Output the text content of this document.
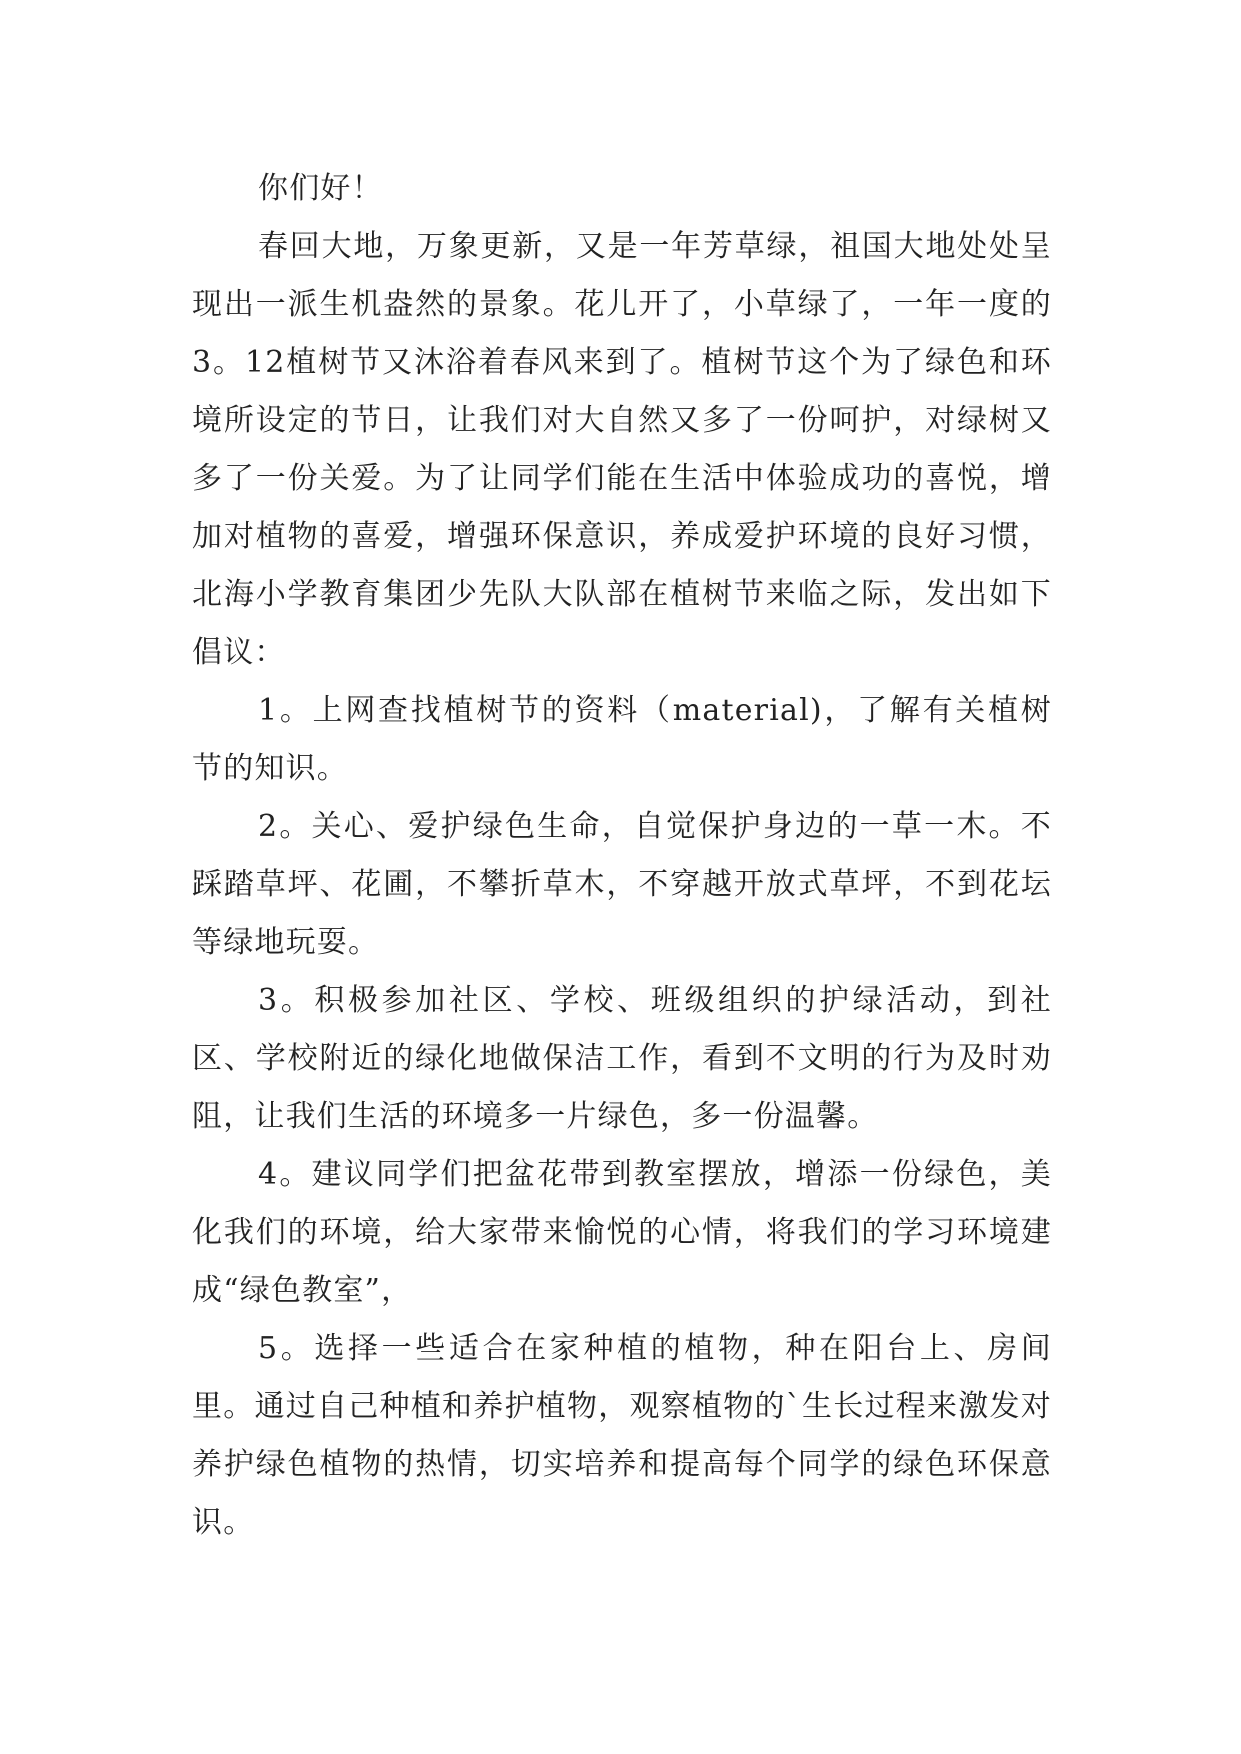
你们好！

春回大地，万象更新，又是一年芳草绿，祖国大地处处呈现出一派生机盎然的景象。花儿开了，小草绿了，一年一度的3。12植树节又沐浴着春风来到了。植树节这个为了绿色和环境所设定的节日，让我们对大自然又多了一份呵护，对绿树又多了一份关爱。为了让同学们能在生活中体验成功的喜悦，增加对植物的喜爱，增强环保意识，养成爱护环境的良好习惯，北海小学教育集团少先队大队部在植树节来临之际，发出如下倡议：

1。上网查找植树节的资料（material)，了解有关植树节的知识。

2。关心、爱护绿色生命，自觉保护身边的一草一木。不踩踏草坪、花圃，不攀折草木，不穿越开放式草坪，不到花坛等绿地玩耍。

3。积极参加社区、学校、班级组织的护绿活动，到社区、学校附近的绿化地做保洁工作，看到不文明的行为及时劝阻，让我们生活的环境多一片绿色，多一份温馨。

4。建议同学们把盆花带到教室摆放，增添一份绿色，美化我们的环境，给大家带来愉悦的心情，将我们的学习环境建成“绿色教室”，

5。选择一些适合在家种植的植物，种在阳台上、房间里。通过自己种植和养护植物，观察植物的`生长过程来激发对养护绿色植物的热情，切实培养和提高每个同学的绿色环保意识。
